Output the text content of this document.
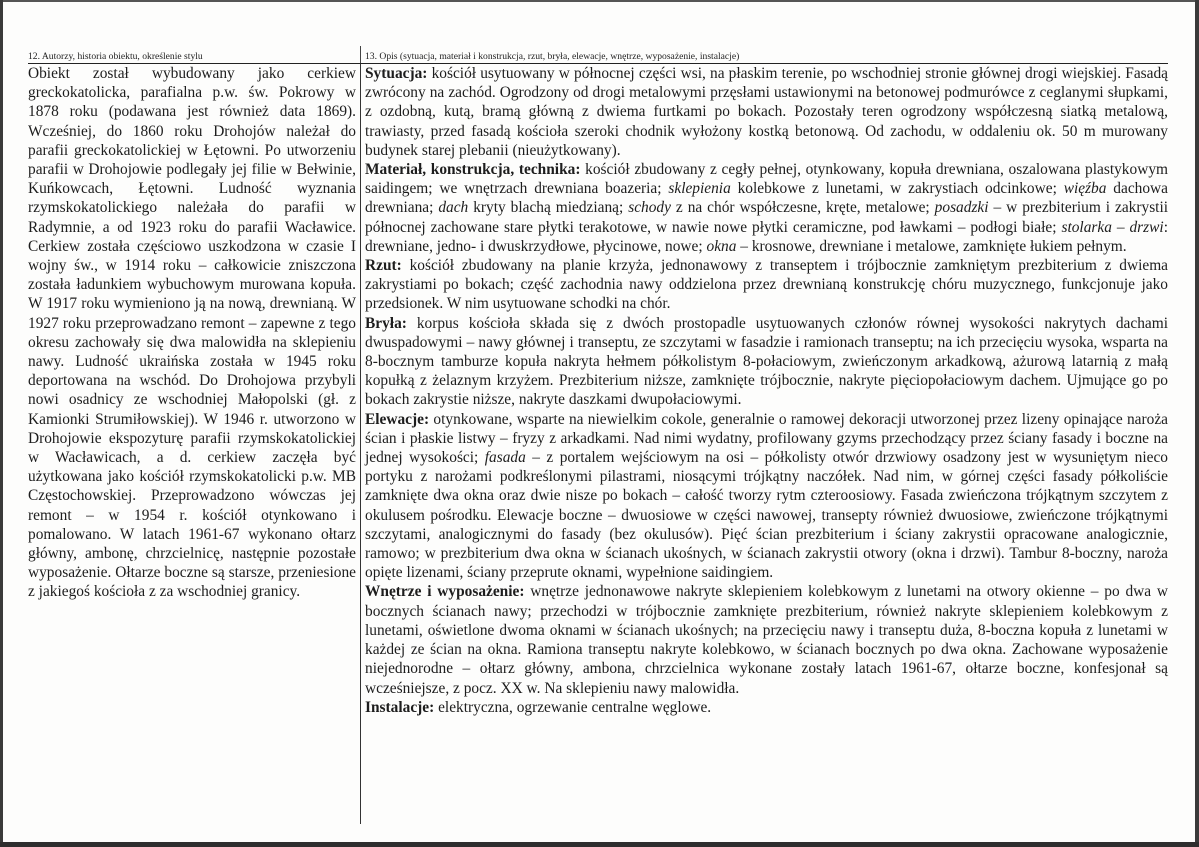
12. Autorzy, historia obiektu, określenie stylu	13. Opis (sytuacja, materiał i konstrukcja, rzut, bryła, elewacje, wnętrze, wyposażenie, instalacje)

Obiekt został wybudowany jako cerkiew greckokatolicka, parafialna p.w. św. Pokrowy w 1878 roku (podawana jest również data 1869). Wcześniej, do 1860 roku Drohojów należał do parafii greckokatolickiej w Łętowni. Po utworzeniu parafii w Drohojowie podlegały jej filie w Bełwinie, Kuńkowcach, Łętowni. Ludność wyznania rzymskokatolickiego należała do parafii w Radymnie, a od 1923 roku do parafii Wacławice. Cerkiew została częściowo uszkodzona w czasie I wojny św., w 1914 roku – całkowicie zniszczona została ładunkiem wybuchowym murowana kopuła. W 1917 roku wymieniono ją na nową, drewnianą. W 1927 roku przeprowadzano remont – zapewne z tego okresu zachowały się dwa malowidła na sklepieniu nawy. Ludność ukraińska została w 1945 roku deportowana na wschód. Do Drohojowa przybyli nowi osadnicy ze wschodniej Małopolski (gł. z Kamionki Strumiłowskiej). W 1946 r. utworzono w Drohojowie ekspozyturę parafii rzymskokatolickiej w Wacławicach, a d. cerkiew zaczęła być użytkowana jako kościół rzymskokatolicki p.w. MB Częstochowskiej. Przeprowadzono wówczas jej remont – w 1954 r. kościół otynkowano i pomalowano. W latach 1961-67 wykonano ołtarz główny, ambonę, chrzcielnicę, następnie pozostałe wyposażenie. Ołtarze boczne są starsze, przeniesione z jakiegoś kościoła z za wschodniej granicy.

Sytuacja: kościół usytuowany w północnej części wsi, na płaskim terenie, po wschodniej stronie głównej drogi wiejskiej. Fasadą zwrócony na zachód. Ogrodzony od drogi metalowymi przęsłami ustawionymi na betonowej podmurówce z ceglanymi słupkami, z ozdobną, kutą, bramą główną z dwiema furtkami po bokach. Pozostały teren ogrodzony współczesną siatką metalową, trawiasty, przed fasadą kościoła szeroki chodnik wyłożony kostką betonową. Od zachodu, w oddaleniu ok. 50 m murowany budynek starej plebanii (nieużytkowany).

Materiał, konstrukcja, technika: kościół zbudowany z cegły pełnej, otynkowany, kopuła drewniana, oszalowana plastykowym saidingem; we wnętrzach drewniana boazeria; sklepienia kolebkowe z lunetami, w zakrystiach odcinkowe; więźba dachowa drewniana; dach kryty blachą miedzianą; schody z na chór współczesne, kręte, metalowe; posadzki – w prezbiterium i zakrystii północnej zachowane stare płytki terakotowe, w nawie nowe płytki ceramiczne, pod ławkami – podłogi białe; stolarka – drzwi: drewniane, jedno- i dwuskrzydłowe, płycinowe, nowe; okna – krosnowe, drewniane i metalowe, zamknięte łukiem pełnym.

Rzut: kościół zbudowany na planie krzyża, jednonawowy z transeptem i trójbocznie zamkniętym prezbiterium z dwiema zakrystiami po bokach; część zachodnia nawy oddzielona przez drewnianą konstrukcję chóru muzycznego, funkcjonuje jako przedsionek. W nim usytuowane schodki na chór.

Bryła: korpus kościoła składa się z dwóch prostopadle usytuowanych członów równej wysokości nakrytych dachami dwuspadowymi – nawy głównej i transeptu, ze szczytami w fasadzie i ramionach transeptu; na ich przecięciu wysoka, wsparta na 8-bocznym tamburze kopuła nakryta hełmem półkolistym 8-połaciowym, zwieńczonym arkadkową, ażurową latarnią z małą kopułką z żelaznym krzyżem. Prezbiterium niższe, zamknięte trójbocznie, nakryte pięciopołaciowym dachem. Ujmujące go po bokach zakrystie niższe, nakryte daszkami dwupołaciowymi.

Elewacje: otynkowane, wsparte na niewielkim cokole, generalnie o ramowej dekoracji utworzonej przez lizeny opinające naroża ścian i płaskie listwy – fryzy z arkadkami. Nad nimi wydatny, profilowany gzyms przechodzący przez ściany fasady i boczne na jednej wysokości; fasada – z portalem wejściowym na osi – półkolisty otwór drzwiowy osadzony jest w wysuniętym nieco portyku z narożami podkreślonymi pilastrami, niosącymi trójkątny naczółek. Nad nim, w górnej części fasady półkoliście zamknięte dwa okna oraz dwie nisze po bokach – całość tworzy rytm czteroosiowy. Fasada zwieńczona trójkątnym szczytem z okulusem pośrodku. Elewacje boczne – dwuosiowe w części nawowej, transepty również dwuosiowe, zwieńczone trójkątnymi szczytami, analogicznymi do fasady (bez okulusów). Pięć ścian prezbiterium i ściany zakrystii opracowane analogicznie, ramowo; w prezbiterium dwa okna w ścianach ukośnych, w ścianach zakrystii otwory (okna i drzwi). Tambur 8-boczny, naroża opięte lizenami, ściany przeprute oknami, wypełnione saidingiem.

Wnętrze i wyposażenie: wnętrze jednonawowe nakryte sklepieniem kolebkowym z lunetami na otwory okienne – po dwa w bocznych ścianach nawy; przechodzi w trójbocznie zamknięte prezbiterium, również nakryte sklepieniem kolebkowym z lunetami, oświetlone dwoma oknami w ścianach ukośnych; na przecięciu nawy i transeptu duża, 8-boczna kopuła z lunetami w każdej ze ścian na okna. Ramiona transeptu nakryte kolebkowo, w ścianach bocznych po dwa okna. Zachowane wyposażenie niejednorodne – ołtarz główny, ambona, chrzcielnica wykonane zostały latach 1961-67, ołtarze boczne, konfesjonał są wcześniejsze, z pocz. XX w. Na sklepieniu nawy malowidła.

Instalacje: elektryczna, ogrzewanie centralne węglowe.
